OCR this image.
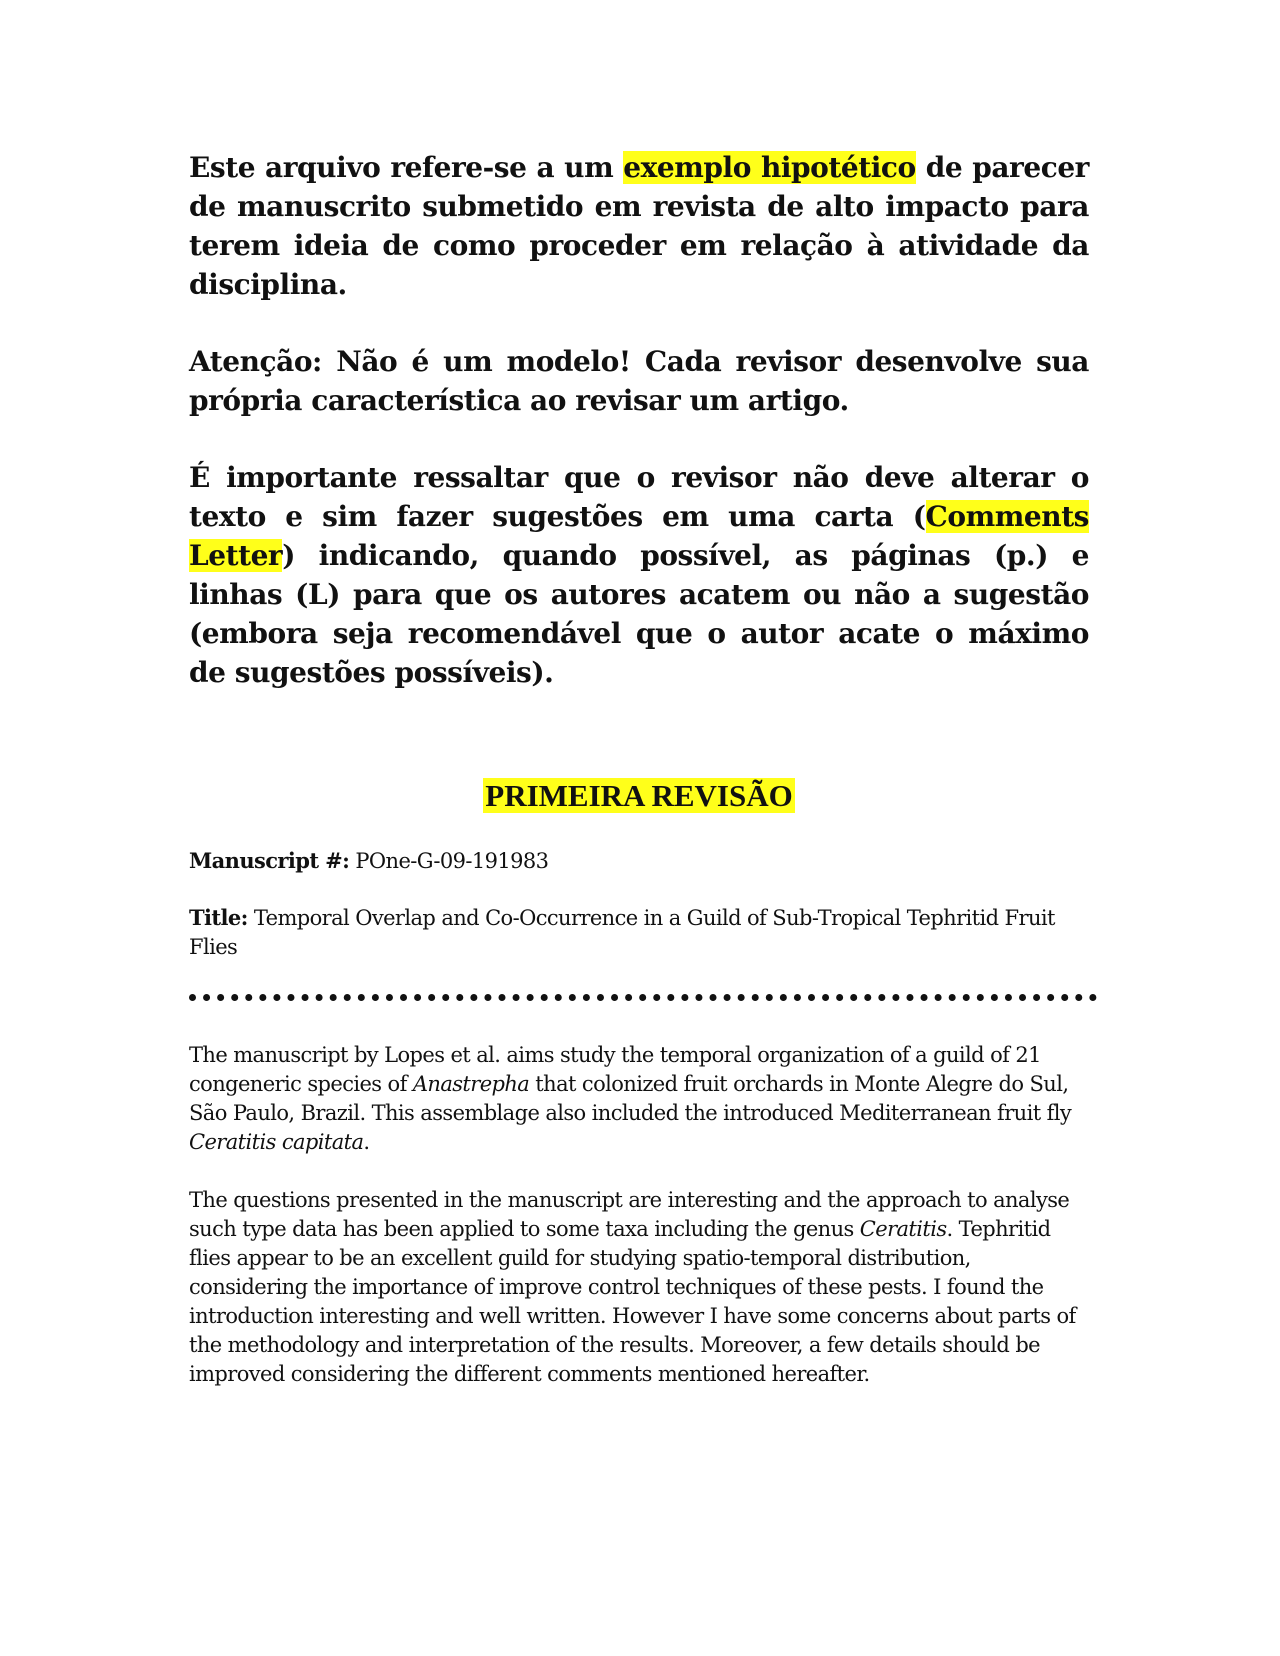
Este arquivo refere-se a um exemplo hipotético de parecer de manuscrito submetido em revista de alto impacto para terem ideia de como proceder em relação à atividade da disciplina.

Atenção: Não é um modelo! Cada revisor desenvolve sua própria característica ao revisar um artigo.

É importante ressaltar que o revisor não deve alterar o texto e sim fazer sugestões em uma carta (Comments Letter) indicando, quando possível, as páginas (p.) e linhas (L) para que os autores acatem ou não a sugestão (embora seja recomendável que o autor acate o máximo de sugestões possíveis).

PRIMEIRA REVISÃO

Manuscript #: POne-G-09-191983

Title: Temporal Overlap and Co-Occurrence in a Guild of Sub-Tropical Tephritid Fruit Flies

The manuscript by Lopes et al. aims study the temporal organization of a guild of 21 congeneric species of Anastrepha that colonized fruit orchards in Monte Alegre do Sul, São Paulo, Brazil. This assemblage also included the introduced Mediterranean fruit fly Ceratitis capitata.

The questions presented in the manuscript are interesting and the approach to analyse such type data has been applied to some taxa including the genus Ceratitis. Tephritid flies appear to be an excellent guild for studying spatio-temporal distribution, considering the importance of improve control techniques of these pests. I found the introduction interesting and well written. However I have some concerns about parts of the methodology and interpretation of the results. Moreover, a few details should be improved considering the different comments mentioned hereafter.
